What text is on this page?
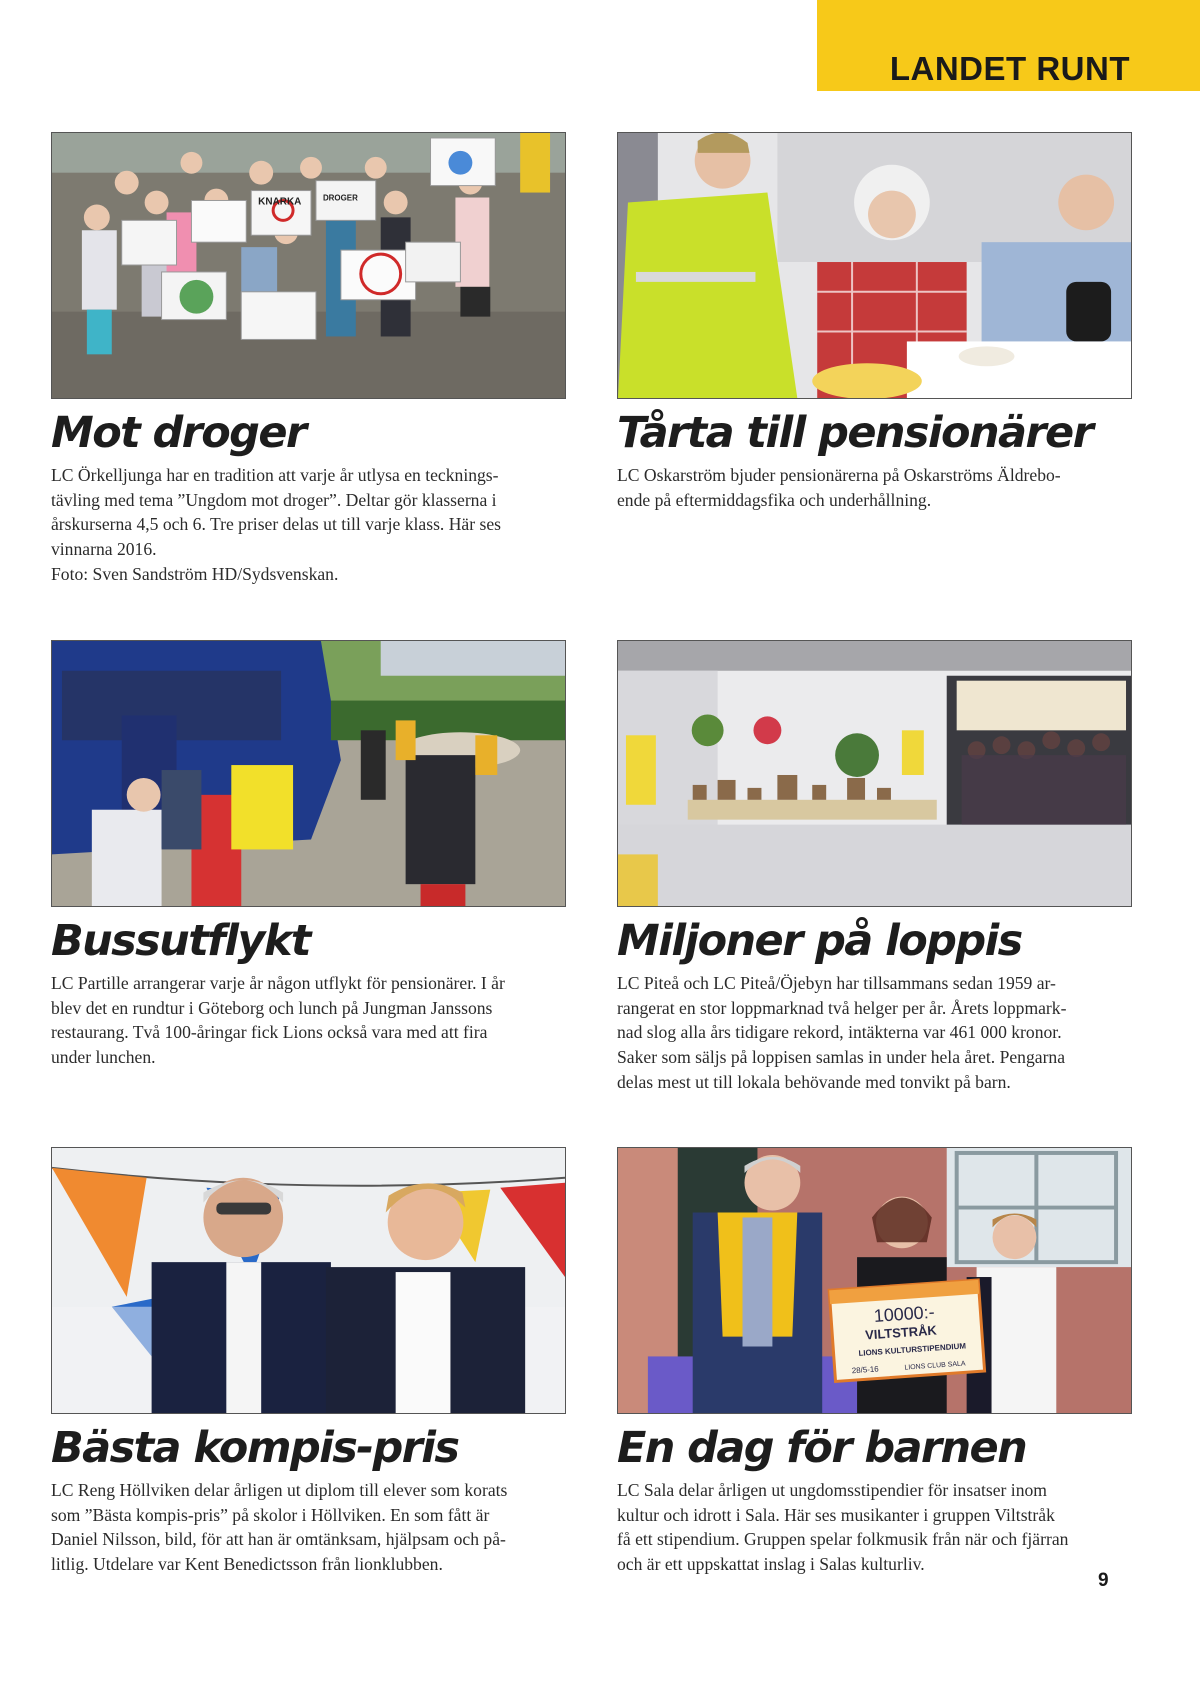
LANDET RUNT
KNARKA	DROGER
Mot droger
LC Örkelljunga har en tradition att varje år utlysa en tecknings-
tävling med tema ”Ungdom mot droger”. Deltar gör klasserna i
årskurserna 4,5 och 6. Tre priser delas ut till varje klass. Här ses
vinnarna 2016.
Foto: Sven Sandström HD/Sydsvenskan.
Tårta till pensionärer
LC Oskarström bjuder pensionärerna på Oskarströms Äldrebo-
ende på eftermiddagsfika och underhållning.
Bussutflykt
LC Partille arrangerar varje år någon utflykt för pensionärer. I år
blev det en rundtur i Göteborg och lunch på Jungman Janssons
restaurang. Två 100-åringar fick Lions också vara med att fira
under lunchen.
Miljoner på loppis
LC Piteå och LC Piteå/Öjebyn har tillsammans sedan 1959 ar-
rangerat en stor loppmarknad två helger per år. Årets loppmark-
nad slog alla års tidigare rekord, intäkterna var 461 000 kronor.
Saker som säljs på loppisen samlas in under hela året. Pengarna
delas mest ut till lokala behövande med tonvikt på barn.
Bästa kompis-pris
LC Reng Höllviken delar årligen ut diplom till elever som korats
som ”Bästa kompis-pris” på skolor i Höllviken. En som fått är
Daniel Nilsson, bild, för att han är omtänksam, hjälpsam och på-
litlig. Utdelare var Kent Benedictsson från lionklubben.
10000:-
VILTSTRÅK
LIONS KULTURSTIPENDIUM
LIONS CLUB SALA
28/5-16
En dag för barnen
LC Sala delar årligen ut ungdomsstipendier för insatser inom
kultur och idrott i Sala. Här ses musikanter i gruppen Viltstråk
få ett stipendium. Gruppen spelar folkmusik från när och fjärran
och är ett uppskattat inslag i Salas kulturliv.
9
